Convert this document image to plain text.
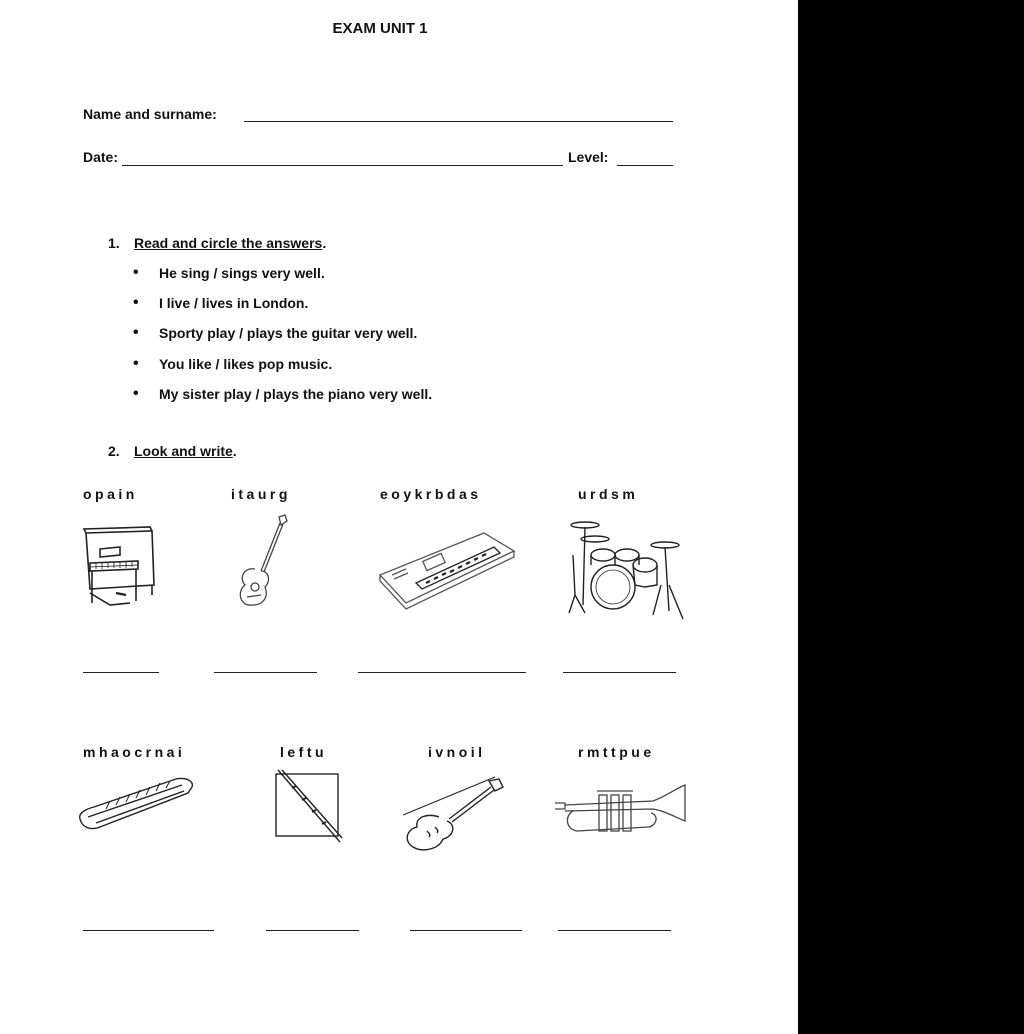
EXAM UNIT 1
Name and surname:
Date:	Level:
1. Read and circle the answers.
• He sing / sings very well.
• I live / lives in London.
• Sporty play / plays the guitar very well.
• You like / likes pop music.
• My sister play / plays the piano very well.
2. Look and write.
opain	itaurg	eoykrbdas	urdsm
mhaocrnai	leftu	ivnoil	rmttpue
